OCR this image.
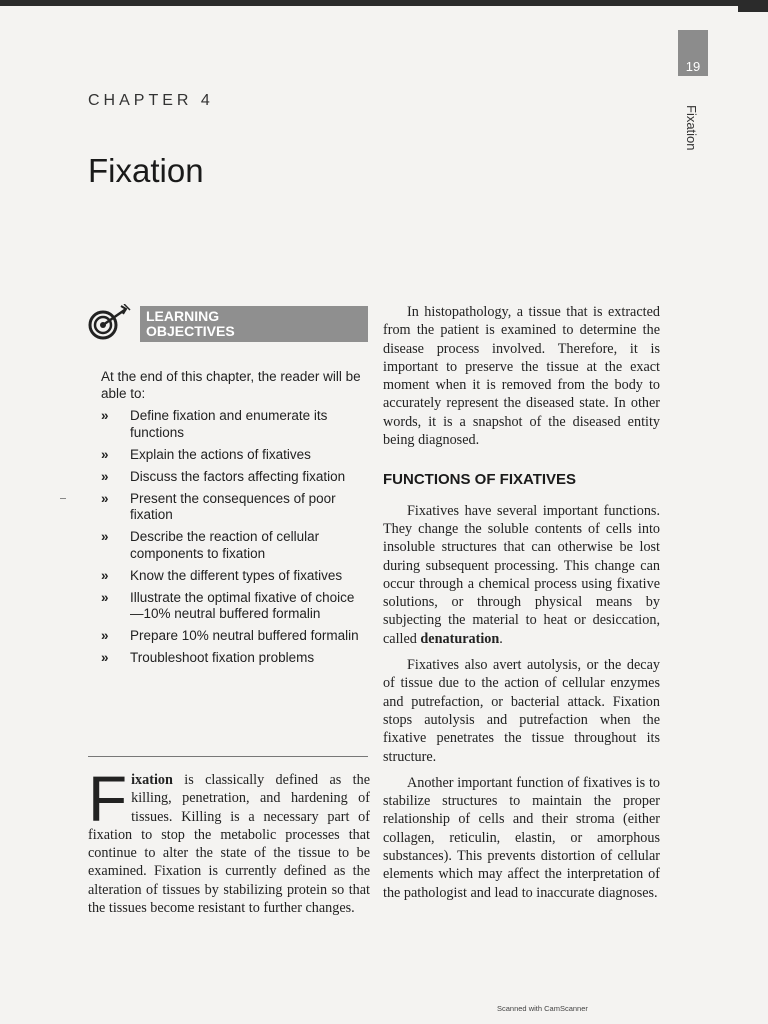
19
Fixation
CHAPTER 4
Fixation
LEARNING
OBJECTIVES
At the end of this chapter, the reader will be able to:
» Define fixation and enumerate its functions
» Explain the actions of fixatives
» Discuss the factors affecting fixation
» Present the consequences of poor fixation
» Describe the reaction of cellular components to fixation
» Know the different types of fixatives
» Illustrate the optimal fixative of choice—10% neutral buffered formalin
» Prepare 10% neutral buffered formalin
» Troubleshoot fixation problems

Fixation is classically defined as the killing, penetration, and hardening of tissues. Killing is a necessary part of fixation to stop the metabolic processes that continue to alter the state of the tissue to be examined. Fixation is currently defined as the alteration of tissues by stabilizing protein so that the tissues become resistant to further changes.

In histopathology, a tissue that is extracted from the patient is examined to determine the disease process involved. Therefore, it is important to preserve the tissue at the exact moment when it is removed from the body to accurately represent the diseased state. In other words, it is a snapshot of the diseased entity being diagnosed.

FUNCTIONS OF FIXATIVES

Fixatives have several important functions. They change the soluble contents of cells into insoluble structures that can otherwise be lost during subsequent processing. This change can occur through a chemical process using fixative solutions, or through physical means by subjecting the material to heat or desiccation, called denaturation.

Fixatives also avert autolysis, or the decay of tissue due to the action of cellular enzymes and putrefaction, or bacterial attack. Fixation stops autolysis and putrefaction when the fixative penetrates the tissue throughout its structure.

Another important function of fixatives is to stabilize structures to maintain the proper relationship of cells and their stroma (either collagen, reticulin, elastin, or amorphous substances). This prevents distortion of cellular elements which may affect the interpretation of the pathologist and lead to inaccurate diagnoses.

Scanned with CamScanner
